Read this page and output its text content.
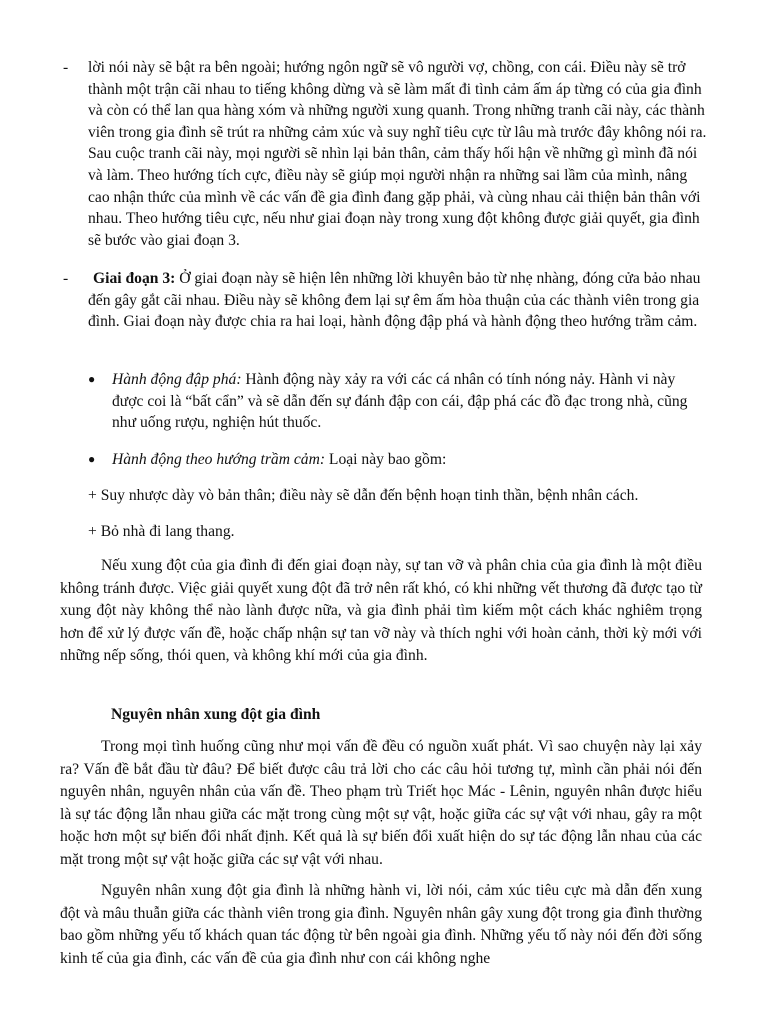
- lời nói này sẽ bật ra bên ngoài; hướng ngôn ngữ sẽ vô người vợ, chồng, con cái. Điều này sẽ trở thành một trận cãi nhau to tiếng không dừng và sẽ làm mất đi tình cảm ấm áp từng có của gia đình và còn có thể lan qua hàng xóm và những người xung quanh. Trong những tranh cãi này, các thành viên trong gia đình sẽ trút ra những cảm xúc và suy nghĩ tiêu cực từ lâu mà trước đây không nói ra. Sau cuộc tranh cãi này, mọi người sẽ nhìn lại bản thân, cảm thấy hối hận về những gì mình đã nói và làm. Theo hướng tích cực, điều này sẽ giúp mọi người nhận ra những sai lầm của mình, nâng cao nhận thức của mình về các vấn đề gia đình đang gặp phải, và cùng nhau cải thiện bản thân với nhau. Theo hướng tiêu cực, nếu như giai đoạn này trong xung đột không được giải quyết, gia đình sẽ bước vào giai đoạn 3.
- Giai đoạn 3: Ở giai đoạn này sẽ hiện lên những lời khuyên bảo từ nhẹ nhàng, đóng cửa bảo nhau đến gây gắt cãi nhau. Điều này sẽ không đem lại sự êm ấm hòa thuận của các thành viên trong gia đình. Giai đoạn này được chia ra hai loại, hành động đập phá và hành động theo hướng trầm cảm.
● Hành động đập phá: Hành động này xảy ra với các cá nhân có tính nóng nảy. Hành vi này được coi là “bất cẩn” và sẽ dẫn đến sự đánh đập con cái, đập phá các đồ đạc trong nhà, cũng như uống rượu, nghiện hút thuốc.
● Hành động theo hướng trầm cảm: Loại này bao gồm:
+ Suy nhược dày vò bản thân; điều này sẽ dẫn đến bệnh hoạn tinh thần, bệnh nhân cách.
+ Bỏ nhà đi lang thang.
Nếu xung đột của gia đình đi đến giai đoạn này, sự tan vỡ và phân chia của gia đình là một điều không tránh được. Việc giải quyết xung đột đã trở nên rất khó, có khi những vết thương đã được tạo từ xung đột này không thể nào lành được nữa, và gia đình phải tìm kiếm một cách khác nghiêm trọng hơn để xử lý được vấn đề, hoặc chấp nhận sự tan vỡ này và thích nghi với hoàn cảnh, thời kỳ mới với những nếp sống, thói quen, và không khí mới của gia đình.
Nguyên nhân xung đột gia đình
Trong mọi tình huống cũng như mọi vấn đề đều có nguồn xuất phát. Vì sao chuyện này lại xảy ra? Vấn đề bắt đầu từ đâu? Để biết được câu trả lời cho các câu hỏi tương tự, mình cần phải nói đến nguyên nhân, nguyên nhân của vấn đề. Theo phạm trù Triết học Mác - Lênin, nguyên nhân được hiểu là sự tác động lẫn nhau giữa các mặt trong cùng một sự vật, hoặc giữa các sự vật với nhau, gây ra một hoặc hơn một sự biến đổi nhất định. Kết quả là sự biến đổi xuất hiện do sự tác động lẫn nhau của các mặt trong một sự vật hoặc giữa các sự vật với nhau.
Nguyên nhân xung đột gia đình là những hành vi, lời nói, cảm xúc tiêu cực mà dẫn đến xung đột và mâu thuẫn giữa các thành viên trong gia đình. Nguyên nhân gây xung đột trong gia đình thường bao gồm những yếu tố khách quan tác động từ bên ngoài gia đình. Những yếu tố này nói đến đời sống kinh tế của gia đình, các vấn đề của gia đình như con cái không nghe
